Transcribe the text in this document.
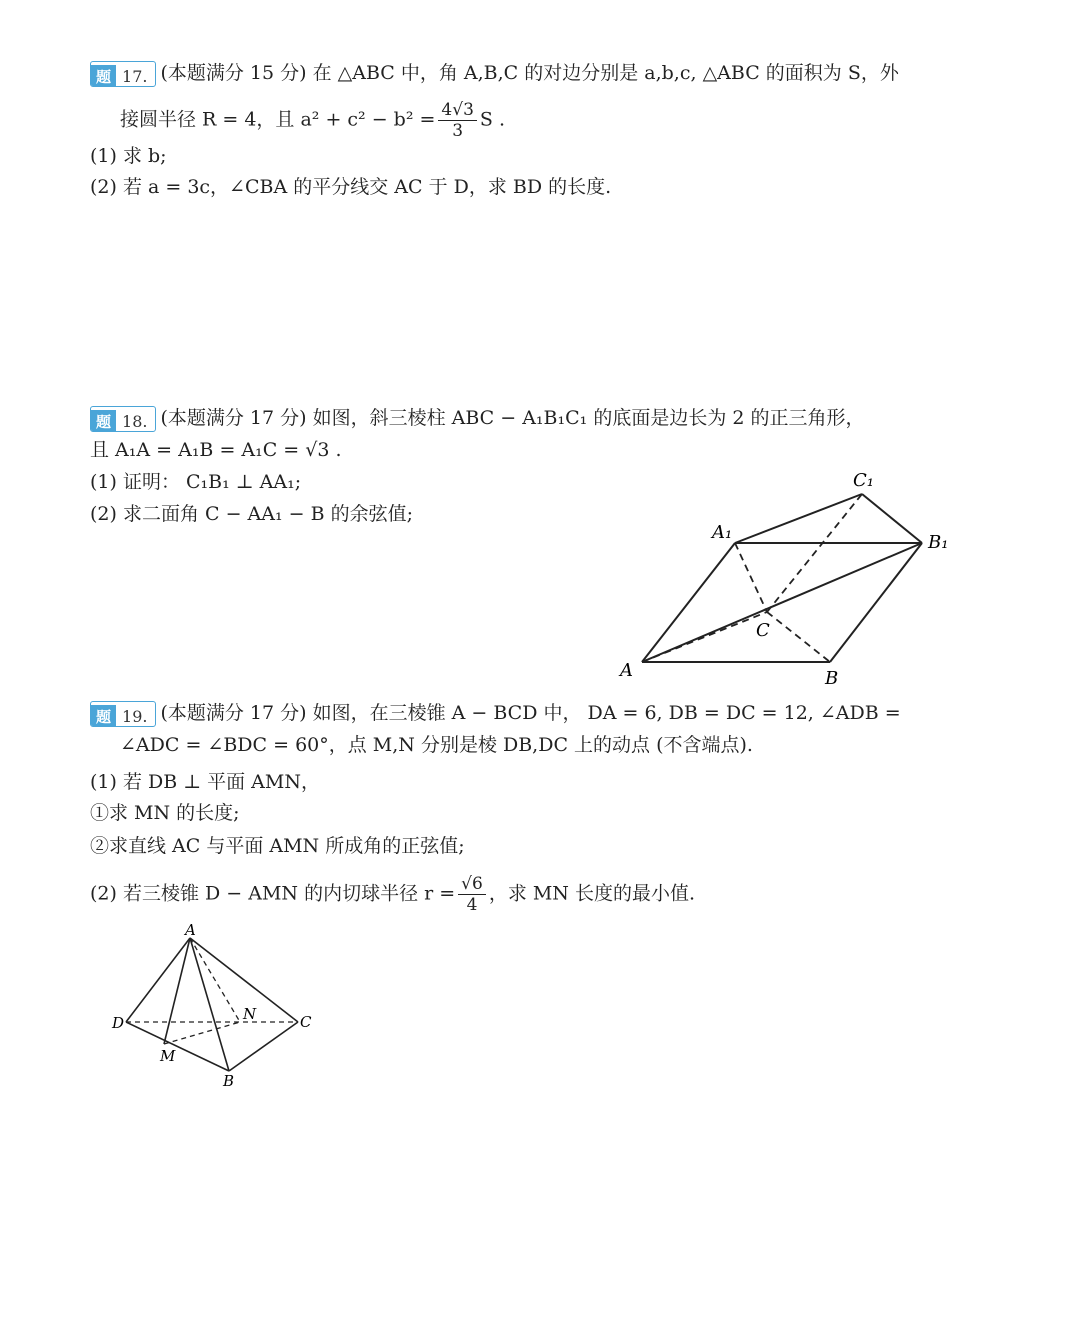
题 17. (本题满分 15 分) 在 △ABC 中，角 A,B,C 的对边分别是 a,b,c, △ABC 的面积为 S，外
接圆半径 R = 4，且 $a^2 + c^2 - b^2 = \frac{4√3}{3}$ S .
(1) 求 b;
(2) 若 a = 3c，∠CBA 的平分线交 AC 于 D，求 BD 的长度.
题 18. (本题满分 17 分) 如图，斜三棱柱 ABC − A₁B₁C₁ 的底面是边长为 2 的正三角形，
且 A₁A = A₁B = A₁C = √3 .
(1) 证明： C₁B₁ ⊥ AA₁;
(2) 求二面角 C − AA₁ − B 的余弦值;
A	B
C
A₁	B₁
C₁
题 19. (本题满分 17 分) 如图，在三棱锥 A − BCD 中， DA = 6, DB = DC = 12, ∠ADB =
∠ADC = ∠BDC = 60°，点 M,N 分别是棱 DB,DC 上的动点 (不含端点).
(1) 若 DB ⊥ 平面 AMN，
①求 MN 的长度;
②求直线 AC 与平面 AMN 所成角的正弦值;
(2) 若三棱锥 D − AMN 的内切球半径 $r = \frac{√6}{4}$ ，求 MN 长度的最小值.
A
D	C
M
N
B
